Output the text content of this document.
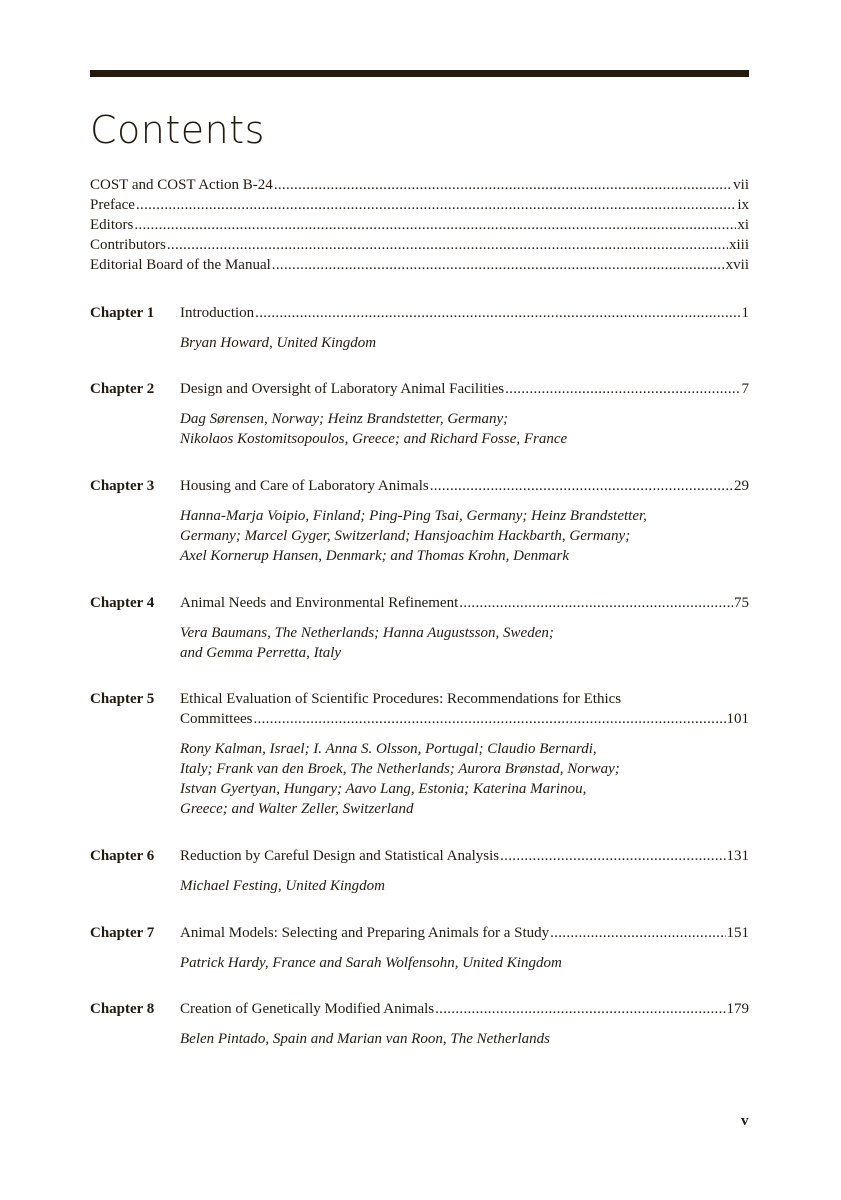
Contents
COST and COST Action B-24 .....	vii
Preface .....	ix
Editors .....	xi
Contributors .....	xiii
Editorial Board of the Manual .....	xvii
Chapter 1 Introduction .....	1
Bryan Howard, United Kingdom
Chapter 2 Design and Oversight of Laboratory Animal Facilities .....	7
Dag Sørensen, Norway; Heinz Brandstetter, Germany;
Nikolaos Kostomitsopoulos, Greece; and Richard Fosse, France
Chapter 3 Housing and Care of Laboratory Animals .....	29
Hanna-Marja Voipio, Finland; Ping-Ping Tsai, Germany; Heinz Brandstetter,
Germany; Marcel Gyger, Switzerland; Hansjoachim Hackbarth, Germany;
Axel Kornerup Hansen, Denmark; and Thomas Krohn, Denmark
Chapter 4 Animal Needs and Environmental Refinement .....	75
Vera Baumans, The Netherlands; Hanna Augustsson, Sweden;
and Gemma Perretta, Italy
Chapter 5 Ethical Evaluation of Scientific Procedures: Recommendations for Ethics
Committees .....	101
Rony Kalman, Israel; I. Anna S. Olsson, Portugal; Claudio Bernardi,
Italy; Frank van den Broek, The Netherlands; Aurora Brønstad, Norway;
Istvan Gyertyan, Hungary; Aavo Lang, Estonia; Katerina Marinou,
Greece; and Walter Zeller, Switzerland
Chapter 6 Reduction by Careful Design and Statistical Analysis .....	131
Michael Festing, United Kingdom
Chapter 7 Animal Models: Selecting and Preparing Animals for a Study .....	151
Patrick Hardy, France and Sarah Wolfensohn, United Kingdom
Chapter 8 Creation of Genetically Modified Animals .....	179
Belen Pintado, Spain and Marian van Roon, The Netherlands
v
